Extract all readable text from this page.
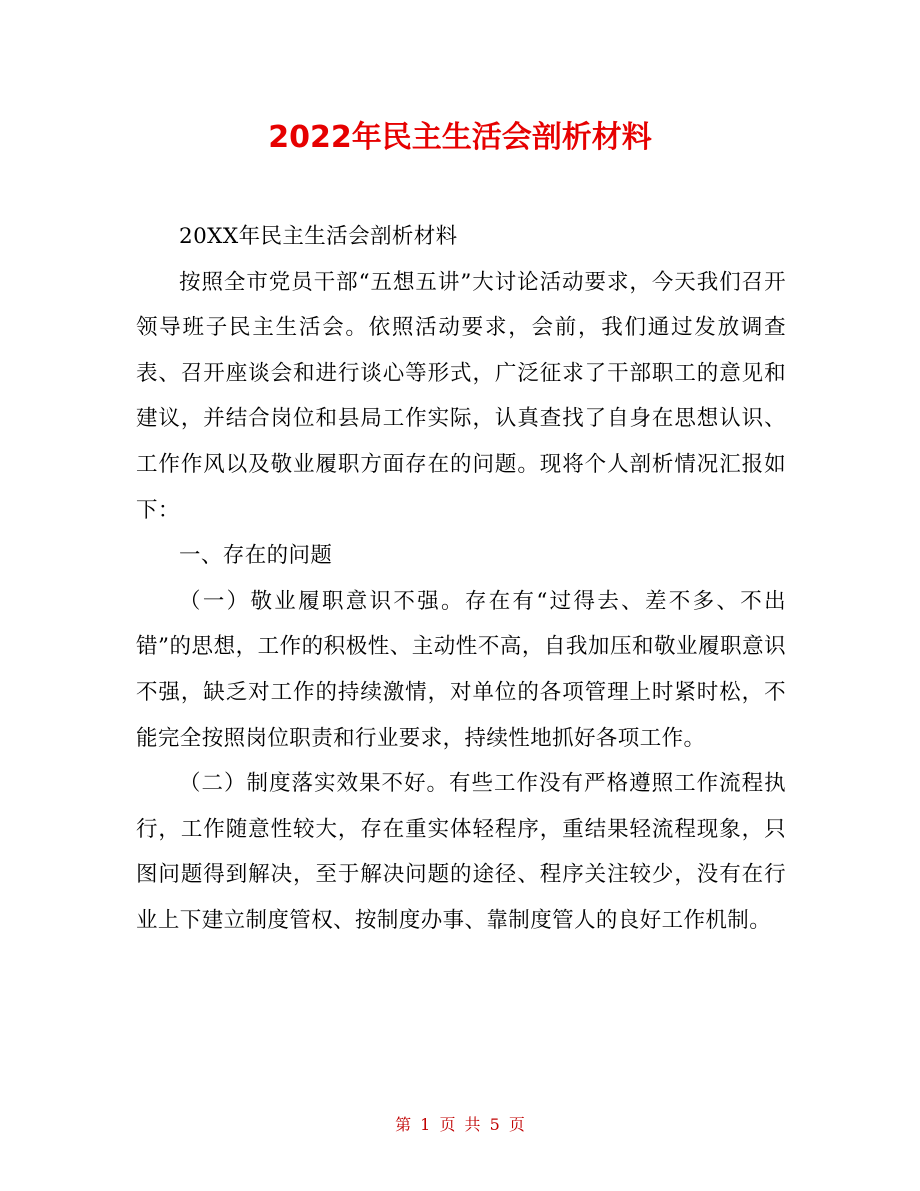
2022年民主生活会剖析材料

20XX年民主生活会剖析材料

按照全市党员干部“五想五讲”大讨论活动要求，今天我们召开领导班子民主生活会。依照活动要求，会前，我们通过发放调查表、召开座谈会和进行谈心等形式，广泛征求了干部职工的意见和建议，并结合岗位和县局工作实际，认真查找了自身在思想认识、工作作风以及敬业履职方面存在的问题。现将个人剖析情况汇报如下：

一、存在的问题

（一）敬业履职意识不强。存在有“过得去、差不多、不出错”的思想，工作的积极性、主动性不高，自我加压和敬业履职意识不强，缺乏对工作的持续激情，对单位的各项管理上时紧时松，不能完全按照岗位职责和行业要求，持续性地抓好各项工作。

（二）制度落实效果不好。有些工作没有严格遵照工作流程执行，工作随意性较大，存在重实体轻程序，重结果轻流程现象，只图问题得到解决，至于解决问题的途径、程序关注较少，没有在行业上下建立制度管权、按制度办事、靠制度管人的良好工作机制。

第 1 页 共 5 页
